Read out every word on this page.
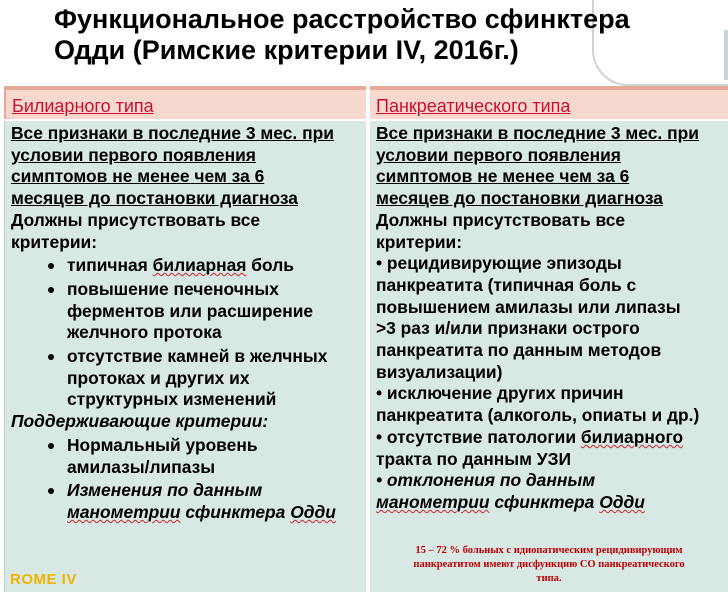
Функциональное расстройство сфинктера
Одди (Римские критерии IV, 2016г.)
Билиарного типа	Панкреатического типа
Все признаки в последние 3 мес. при
условии первого появления
симптомов не менее чем за 6
месяцев до постановки диагноза
Должны присутствовать все
критерии:
типичная билиарная боль
повышение печеночных
ферментов или расширение
желчного протока
отсутствие камней в желчных
протоках и других их
структурных изменений
Поддерживающие критерии:
Нормальный уровень
амилазы/липазы
Изменения по данным
манометрии сфинктера Одди
Все признаки в последние 3 мес. при
условии первого появления
симптомов не менее чем за 6
месяцев до постановки диагноза
Должны присутствовать все
критерии:
• рецидивирующие эпизоды
панкреатита (типичная боль с
повышением амилазы или липазы
>3 раз и/или признаки острого
панкреатита по данным методов
визуализации)
• исключение других причин
панкреатита (алкоголь, опиаты и др.)
• отсутствие патологии билиарного
тракта по данным УЗИ
• отклонения по данным
манометрии сфинктера Одди
15 – 72 % больных с идиопатическим рецидивирующим
панкреатитом имеют дисфункцию СО панкреатического
типа.
ROME IV
